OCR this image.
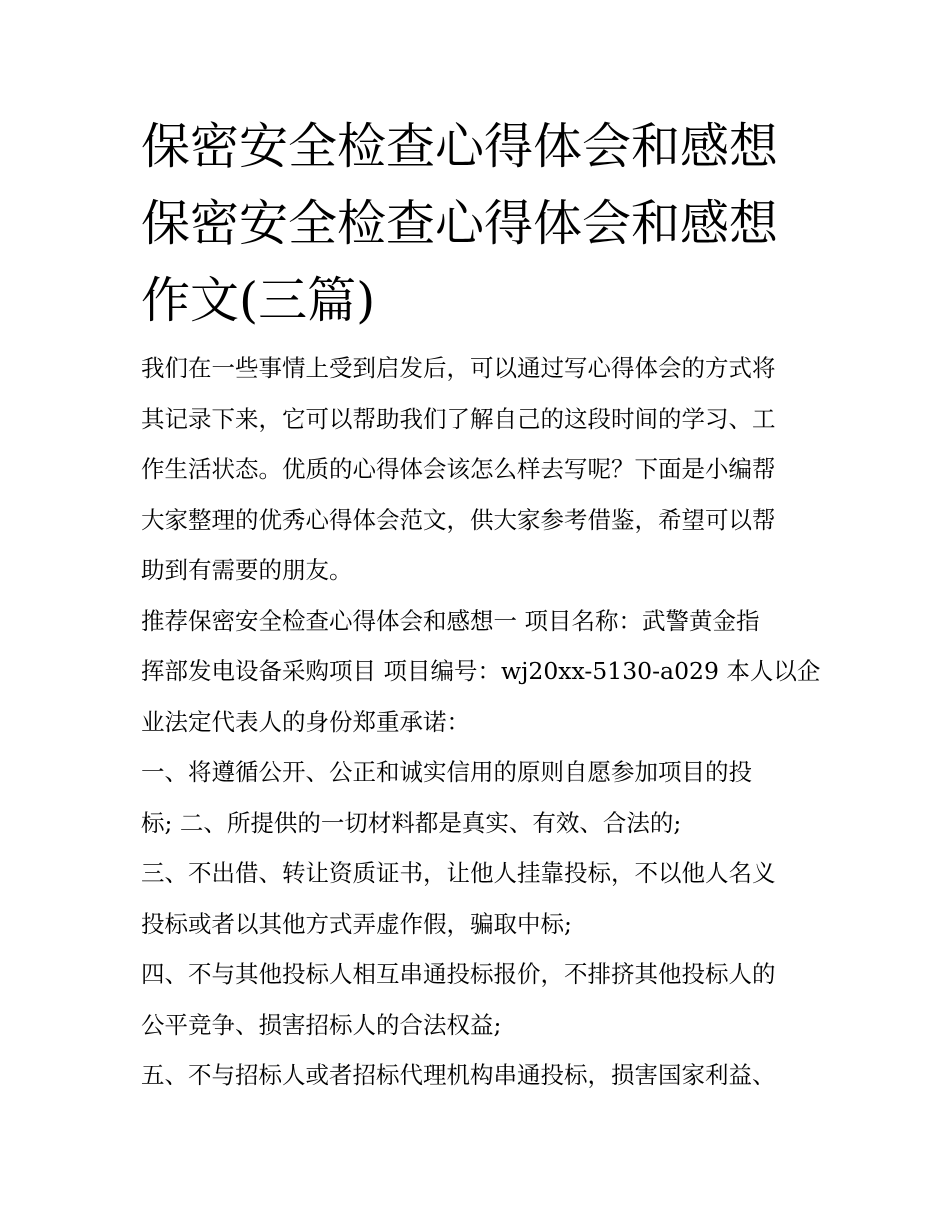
保密安全检查心得体会和感想
保密安全检查心得体会和感想
作文(三篇)

我们在一些事情上受到启发后，可以通过写心得体会的方式将
其记录下来，它可以帮助我们了解自己的这段时间的学习、工
作生活状态。优质的心得体会该怎么样去写呢？下面是小编帮
大家整理的优秀心得体会范文，供大家参考借鉴，希望可以帮
助到有需要的朋友。

推荐保密安全检查心得体会和感想一 项目名称：武警黄金指
挥部发电设备采购项目 项目编号：wj20xx-5130-a029 本人以企
业法定代表人的身份郑重承诺：

一、将遵循公开、公正和诚实信用的原则自愿参加项目的投
标; 二、所提供的一切材料都是真实、有效、合法的;

三、不出借、转让资质证书，让他人挂靠投标，不以他人名义
投标或者以其他方式弄虚作假，骗取中标;

四、不与其他投标人相互串通投标报价，不排挤其他投标人的
公平竞争、损害招标人的合法权益;

五、不与招标人或者招标代理机构串通投标，损害国家利益、
